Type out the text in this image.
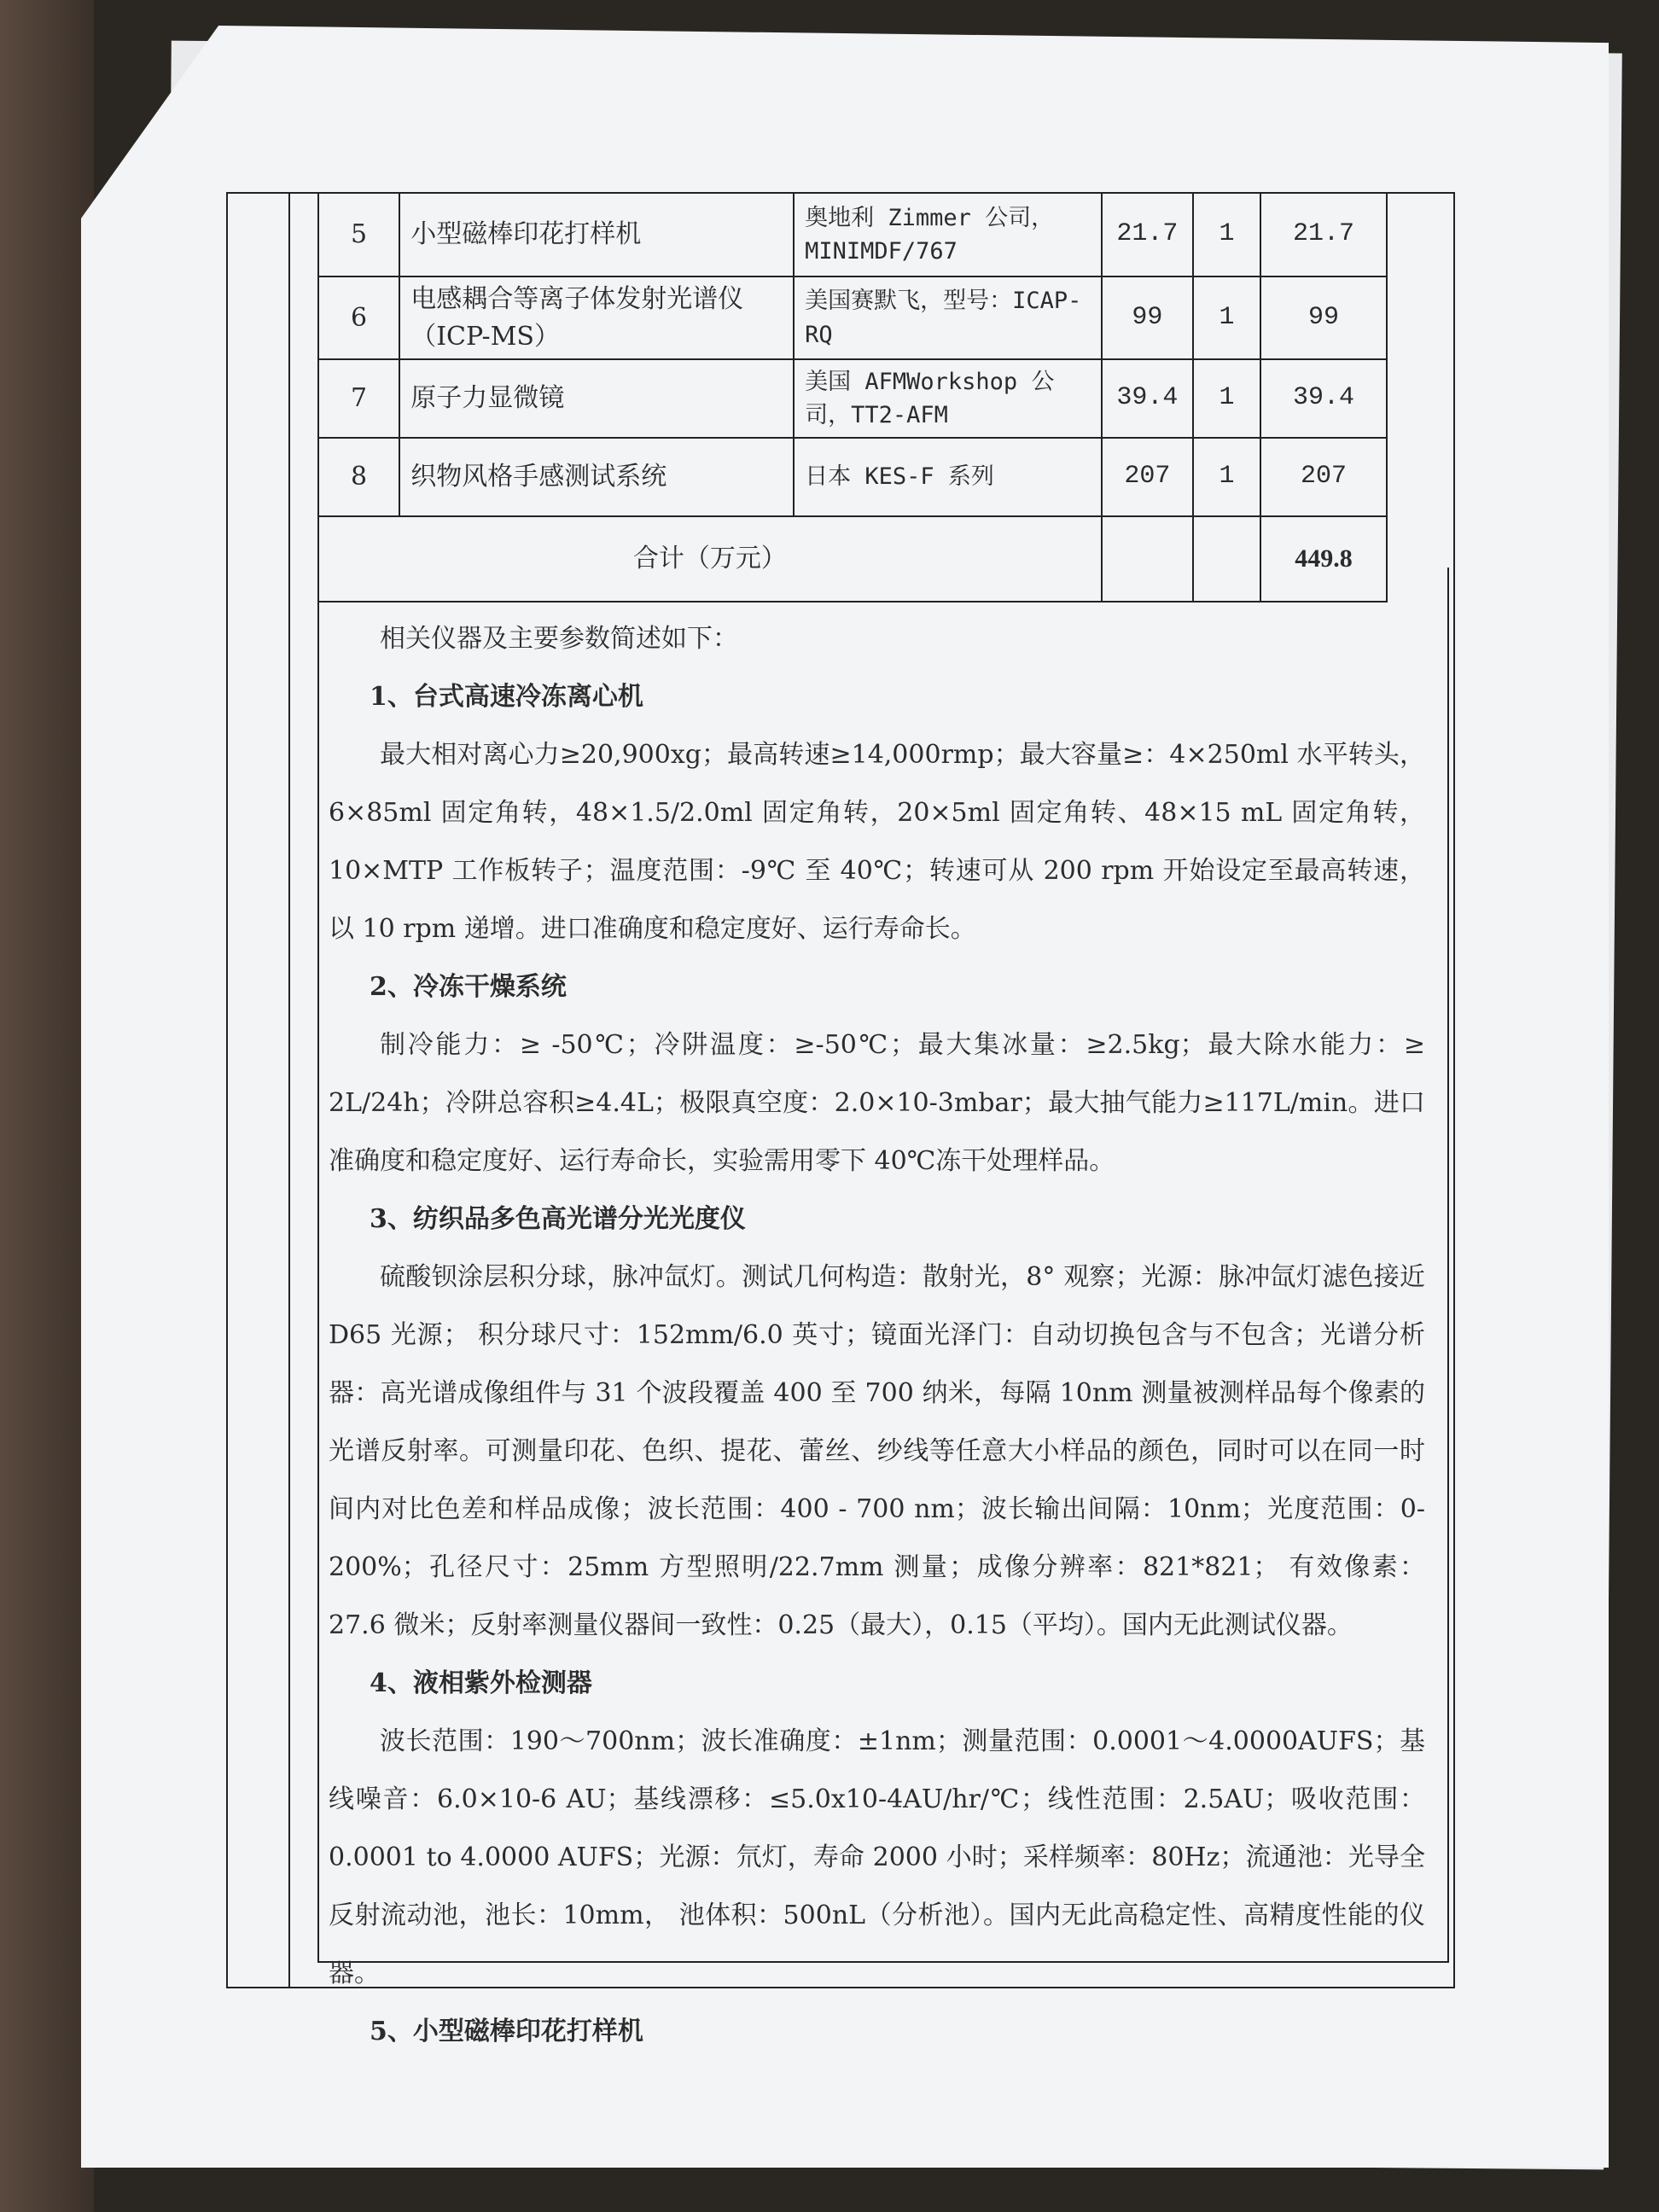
5	小型磁棒印花打样机	奥地利 Zimmer 公司，MINIMDF/767	21.7	1	21.7
6	电感耦合等离子体发射光谱仪（ICP-MS）	美国赛默飞，型号：ICAP-RQ	99	1	99
7	原子力显微镜	美国 AFMWorkshop 公司，TT2-AFM	39.4	1	39.4
8	织物风格手感测试系统	日本 KES-F 系列	207	1	207
合计（万元）					449.8

相关仪器及主要参数简述如下：

1、台式高速冷冻离心机

最大相对离心力≥20,900xg；最高转速≥14,000rmp；最大容量≥：4×250ml 水平转头，6×85ml 固定角转，48×1.5/2.0ml 固定角转，20×5ml 固定角转、48×15 mL 固定角转，10×MTP 工作板转子；温度范围：-9℃ 至 40℃；转速可从 200 rpm 开始设定至最高转速，以 10 rpm 递增。进口准确度和稳定度好、运行寿命长。

2、冷冻干燥系统

制冷能力：≥ -50℃；冷阱温度：≥-50℃；最大集冰量：≥2.5kg；最大除水能力：≥ 2L/24h；冷阱总容积≥4.4L；极限真空度：2.0×10-3mbar；最大抽气能力≥117L/min。进口准确度和稳定度好、运行寿命长，实验需用零下 40℃冻干处理样品。

3、纺织品多色高光谱分光光度仪

硫酸钡涂层积分球，脉冲氙灯。测试几何构造：散射光，8° 观察；光源：脉冲氙灯滤色接近 D65 光源； 积分球尺寸：152mm/6.0 英寸；镜面光泽门：自动切换包含与不包含；光谱分析器：高光谱成像组件与 31 个波段覆盖 400 至 700 纳米，每隔 10nm 测量被测样品每个像素的光谱反射率。可测量印花、色织、提花、蕾丝、纱线等任意大小样品的颜色，同时可以在同一时间内对比色差和样品成像；波长范围：400 - 700 nm；波长输出间隔：10nm；光度范围：0-200%；孔径尺寸：25mm 方型照明/22.7mm 测量；成像分辨率：821*821； 有效像素：27.6 微米；反射率测量仪器间一致性：0.25（最大），0.15（平均）。国内无此测试仪器。

4、液相紫外检测器

波长范围：190～700nm；波长准确度：±1nm；测量范围：0.0001～4.0000AUFS；基线噪音：6.0×10-6 AU；基线漂移：≤5.0x10-4AU/hr/℃；线性范围：2.5AU；吸收范围：0.0001 to 4.0000 AUFS；光源：氘灯，寿命 2000 小时；采样频率：80Hz；流通池：光导全反射流动池，池长：10mm， 池体积：500nL（分析池）。国内无此高稳定性、高精度性能的仪器。

5、小型磁棒印花打样机
